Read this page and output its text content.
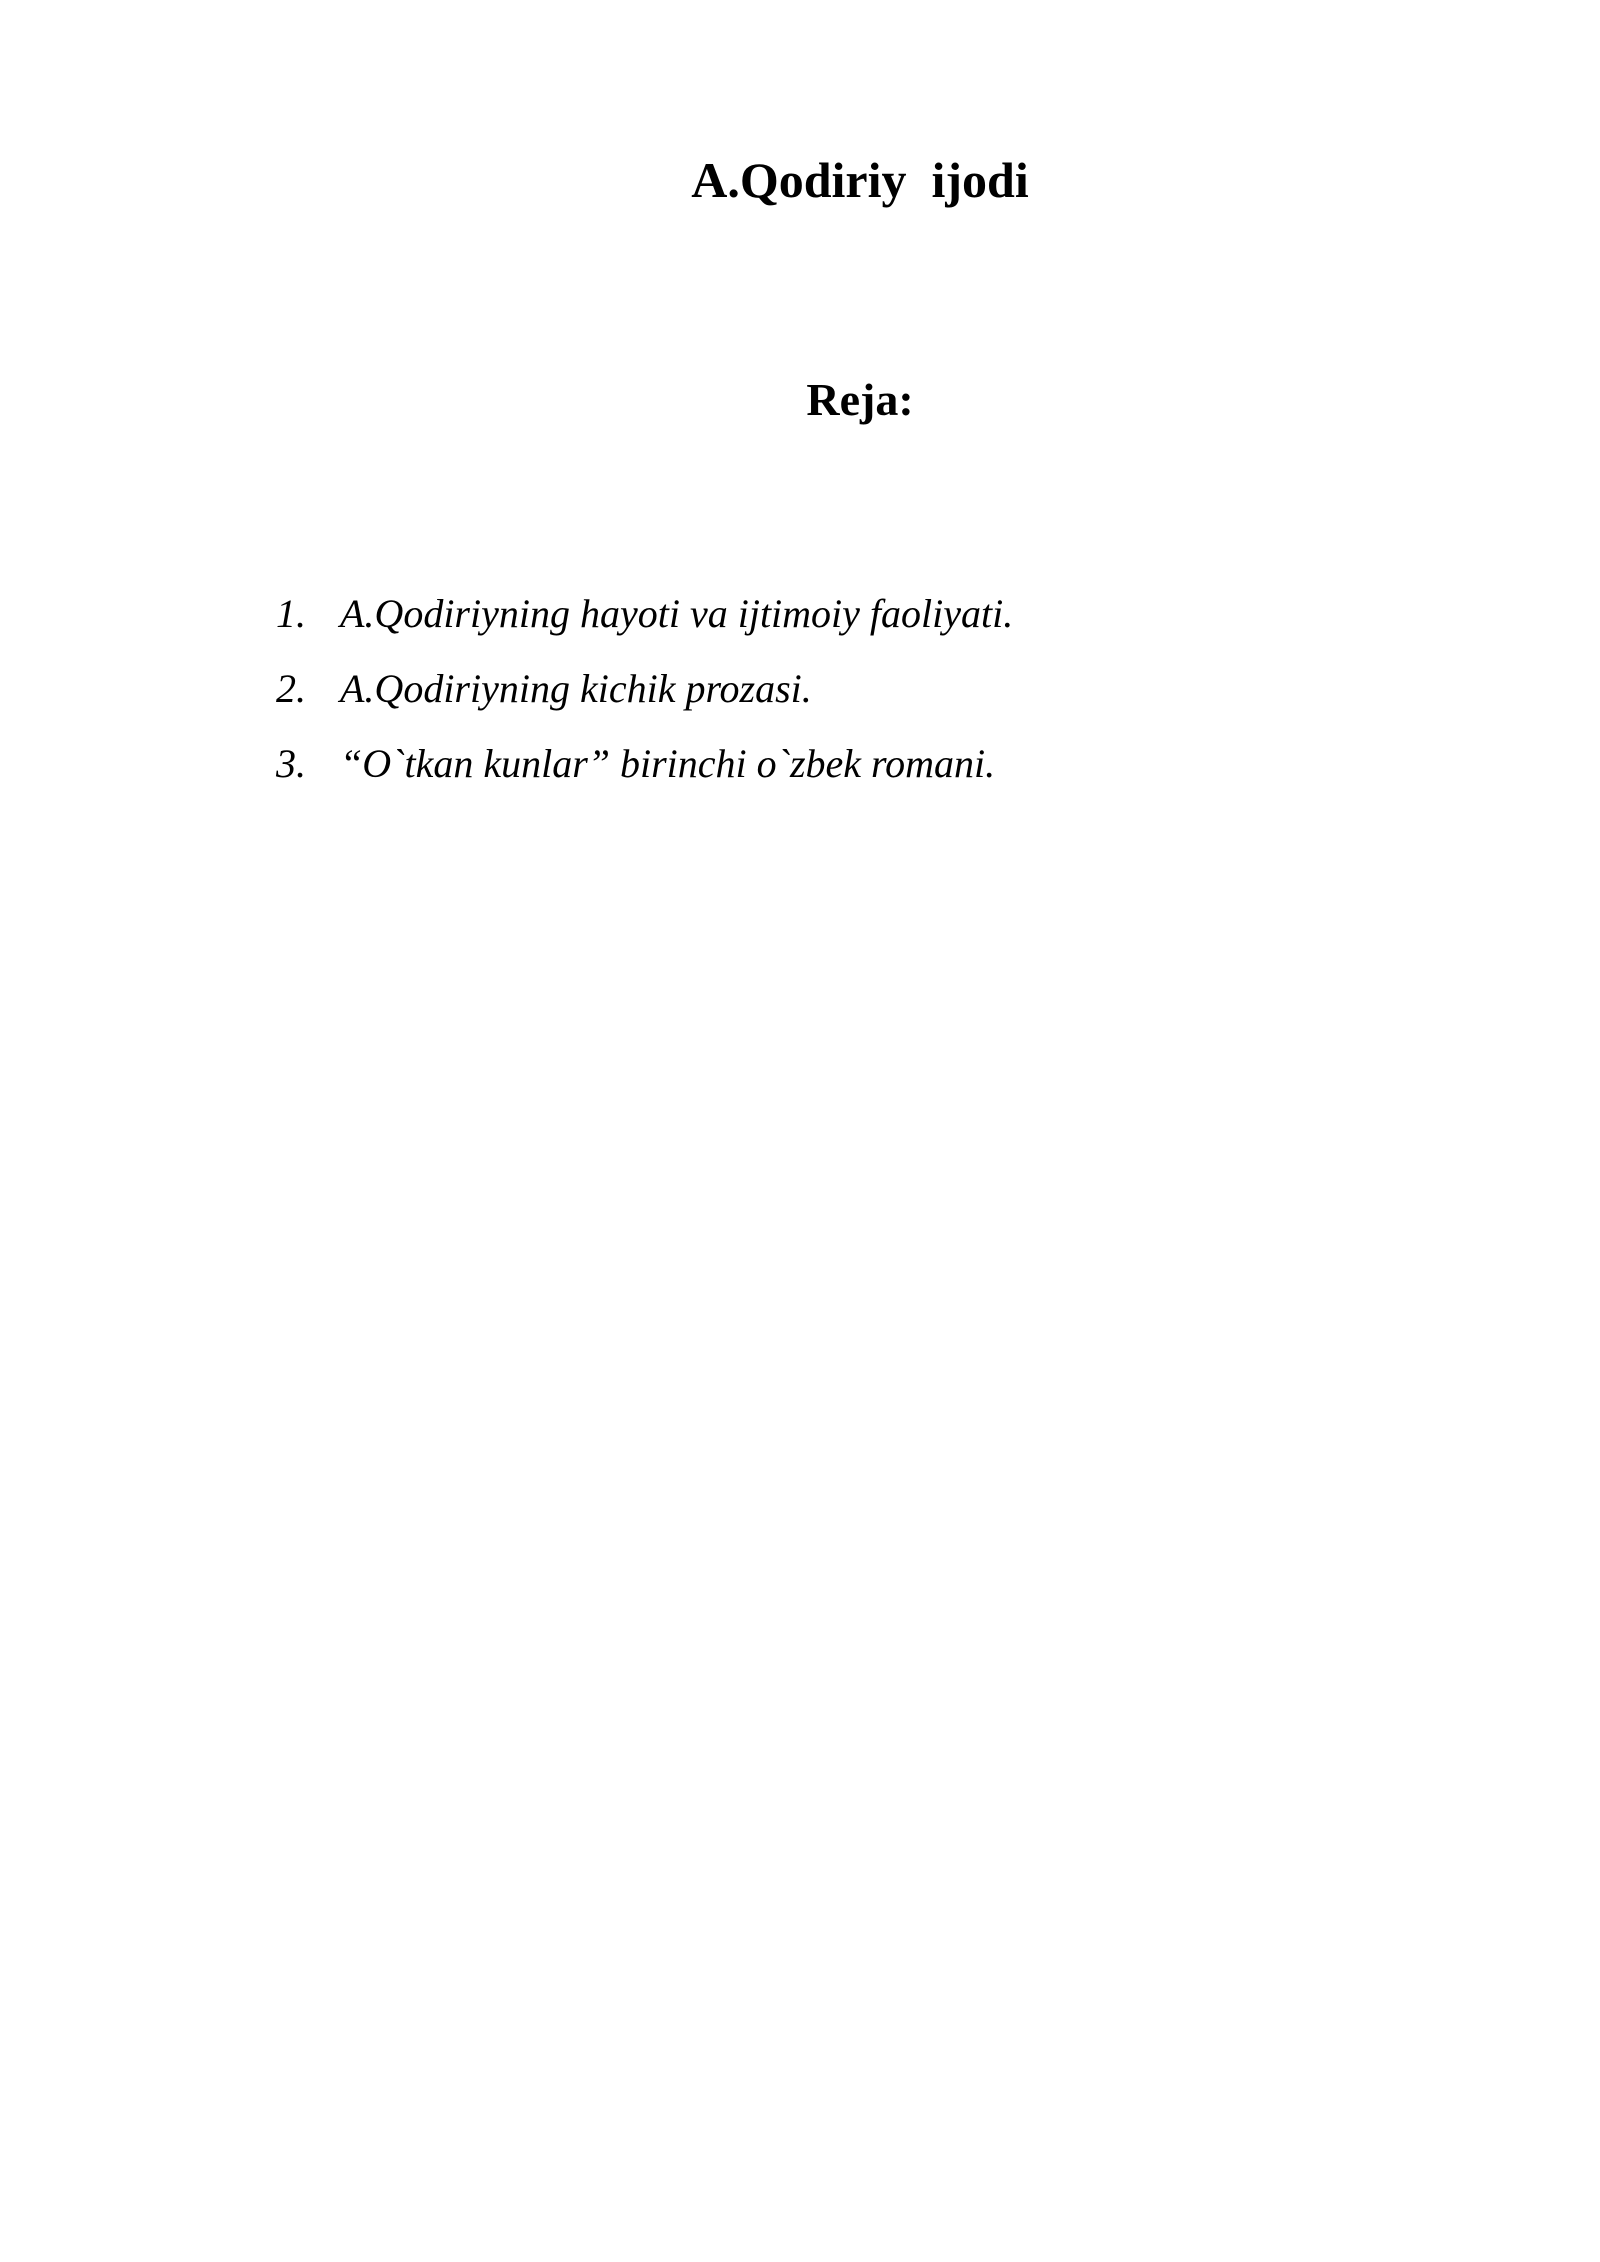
A.Qodiriy  ijodi
Reja:
1. A.Qodiriyning hayoti va ijtimoiy faoliyati.
2. A.Qodiriyning kichik prozasi.
3. “O`tkan kunlar” birinchi o`zbek romani.
